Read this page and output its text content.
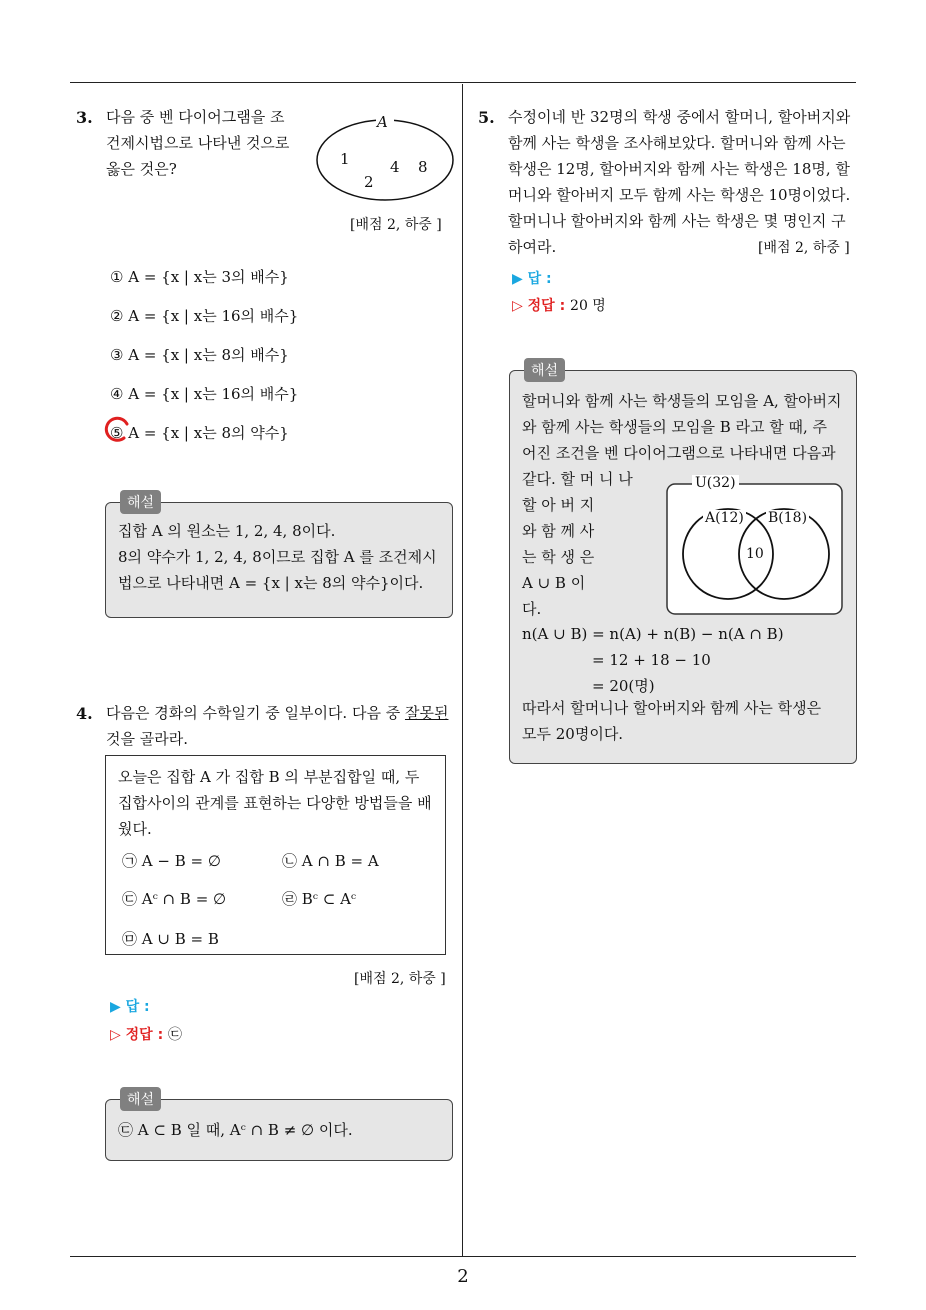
2
3. 다음 중 벤 다이어그램을 조
건제시법으로 나타낸 것으로
옳은 것은?
A
1
2
4 8
[배점 2, 하중 ]
① A = {x | x는 3의 배수}
② A = {x | x는 16의 배수}
③ A = {x | x는 8의 배수}
④ A = {x | x는 16의 배수}
⑤ A = {x | x는 8의 약수}
해설
집합 A 의 원소는 1, 2, 4, 8이다.
8의 약수가 1, 2, 4, 8이므로 집합 A 를 조건제시
법으로 나타내면 A = {x | x는 8의 약수}이다.
4. 다음은 경화의 수학일기 중 일부이다. 다음 중 잘못된
것을 골라라.
오늘은 집합 A 가 집합 B 의 부분집합일 때, 두
집합사이의 관계를 표현하는 다양한 방법들을 배
웠다.
㉠ A − B = ∅	㉡ A ∩ B = A
㉢ Aᶜ ∩ B = ∅	㉣ Bᶜ ⊂ Aᶜ
㉤ A ∪ B = B
[배점 2, 하중 ]
▶ 답 :
▷ 정답 : ㉢
해설
㉢ A ⊂ B 일 때, Aᶜ ∩ B ≠ ∅ 이다.
5. 수정이네 반 32명의 학생 중에서 할머니, 할아버지와
함께 사는 학생을 조사해보았다. 할머니와 함께 사는
학생은 12명, 할아버지와 함께 사는 학생은 18명, 할
머니와 할아버지 모두 함께 사는 학생은 10명이었다.
할머니나 할아버지와 함께 사는 학생은 몇 명인지 구
하여라.	[배점 2, 하중 ]
▶ 답 :
▷ 정답 : 20 명
해설
할머니와 함께 사는 학생들의 모임을 A, 할아버지
와 함께 사는 학생들의 모임을 B 라고 할 때, 주
어진 조건을 벤 다이어그램으로 나타내면 다음과
같다. 할 머 니 나
할 아 버 지
와 함 께 사
는 학 생 은
A ∪ B 이
다.
U(32)
A(12) B(18)
10
n(A ∪ B) = n(A) + n(B) − n(A ∩ B)
= 12 + 18 − 10
= 20(명)
따라서 할머니나 할아버지와 함께 사는 학생은
모두 20명이다.
